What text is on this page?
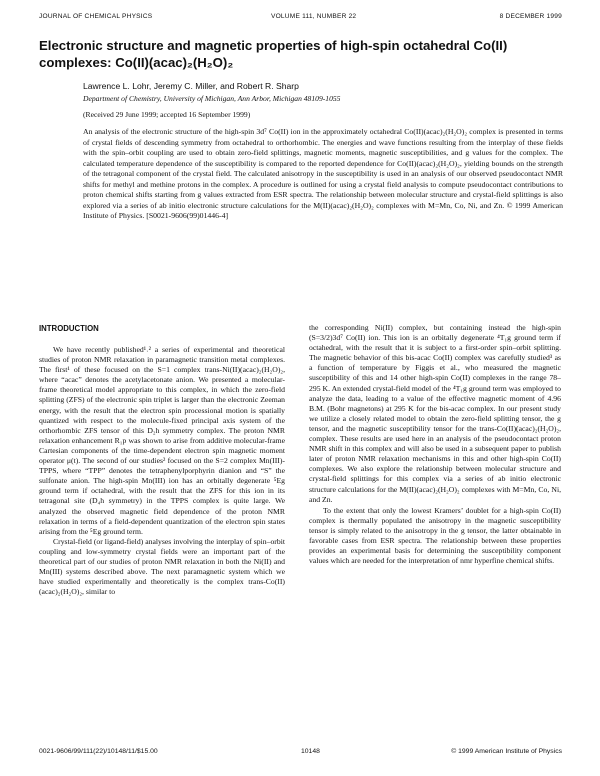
JOURNAL OF CHEMICAL PHYSICS	VOLUME 111, NUMBER 22	8 DECEMBER 1999
Electronic structure and magnetic properties of high-spin octahedral Co(II) complexes: Co(II)(acac)₂(H₂O)₂
Lawrence L. Lohr, Jeremy C. Miller, and Robert R. Sharp
Department of Chemistry, University of Michigan, Ann Arbor, Michigan 48109-1055
(Received 29 June 1999; accepted 16 September 1999)
An analysis of the electronic structure of the high-spin 3d⁷ Co(II) ion in the approximately octahedral Co(II)(acac)₂(H₂O)₂ complex is presented in terms of crystal fields of descending symmetry from octahedral to orthorhombic. The energies and wave functions resulting from the interplay of these fields with the spin–orbit coupling are used to obtain zero-field splittings, magnetic moments, magnetic susceptibilities, and g values for the complex. The calculated temperature dependence of the susceptibility is compared to the reported dependence for Co(II)(acac)₂(H₂O)₂, yielding bounds on the strength of the tetragonal component of the crystal field. The calculated anisotropy in the susceptibility is used in an analysis of our observed pseudocontact NMR shifts for methyl and methine protons in the complex. A procedure is outlined for using a crystal field analysis to compute pseudocontact contributions to proton chemical shifts starting from g values extracted from ESR spectra. The relationship between molecular structure and crystal-field splittings is also explored via a series of ab initio electronic structure calculations for the M(II)(acac)₂(H₂O)₂ complexes with M=Mn, Co, Ni, and Zn. © 1999 American Institute of Physics. [S0021-9606(99)01446-4]
INTRODUCTION

We have recently published¹˒² a series of experimental and theoretical studies of proton NMR relaxation in paramagnetic transition metal complexes. The first¹ of these focused on the S=1 complex trans-Ni(II)(acac)₂(H₂O)₂, where “acac” denotes the acetylacetonate anion. We presented a molecular-frame theoretical model appropriate to this complex, in which the zero-field splitting (ZFS) of the electronic spin triplet is larger than the electronic Zeeman energy, with the result that the electron spin processional motion is spatially quantized with respect to the molecule-fixed principal axis system of the orthorhombic ZFS tensor of this D₂h symmetry complex. The proton NMR relaxation enhancement R₁p was shown to arise from additive molecular-frame Cartesian components of the time-dependent electron spin magnetic moment operator μ(t). The second of our studies² focused on the S=2 complex Mn(III)-TPPS, where “TPP” denotes the tetraphenylporphyrin dianion and “S” the sulfonate anion. The high-spin Mn(III) ion has an orbitally degenerate ⁵Eg ground term if octahedral, with the result that the ZFS for this ion in its tetragonal site (D₄h symmetry) in the TPPS complex is quite large. We analyzed the observed magnetic field dependence of the proton NMR relaxation in terms of a field-dependent quantization of the electron spin states arising from the ⁵Eg ground term.

Crystal-field (or ligand-field) analyses involving the interplay of spin–orbit coupling and low-symmetry crystal fields were an important part of the theoretical part of our studies of proton NMR relaxation in both the Ni(II) and Mn(III) systems described above. The next paramagnetic system which we have studied experimentally and theoretically is the complex trans-Co(II)(acac)₂(H₂O)₂, similar to

the corresponding Ni(II) complex, but containing instead the high-spin (S=3/2)3d⁷ Co(II) ion. This ion is an orbitally degenerate ⁴T₁g ground term if octahedral, with the result that it is subject to a first-order spin–orbit splitting. The magnetic behavior of this bis-acac Co(II) complex was carefully studied³ as a function of temperature by Figgis et al., who measured the magnetic susceptibility of this and 14 other high-spin Co(II) complexes in the range 78–295 K. An extended crystal-field model of the ⁴T₁g ground term was employed to analyze the data, leading to a value of the effective magnetic moment of 4.96 B.M. (Bohr magnetons) at 295 K for the bis-acac complex. In our present study we utilize a closely related model to obtain the zero-field splitting tensor, the g tensor, and the magnetic susceptibility tensor for the trans-Co(II)(acac)₂(H₂O)₂, complex. These results are used here in an analysis of the pseudocontact proton NMR shift in this complex and will also be used in a subsequent paper to publish later of proton NMR relaxation mechanisms in this and other high-spin Co(II) complexes. We also explore the relationship between molecular structure and crystal-field splittings for this complex via a series of ab initio electronic structure calculations for the M(II)(acac)₂(H₂O)₂ complexes with M=Mn, Co, Ni, and Zn.

To the extent that only the lowest Kramers’ doublet for a high-spin Co(II) complex is thermally populated the anisotropy in the magnetic susceptibility tensor is simply related to the anisotropy in the g tensor, the latter obtainable in favorable cases from ESR spectra. The relationship between these properties provides an experimental basis for determining the susceptibility component values which are needed for the interpretation of nmr hyperfine chemical shifts.

0021-9606/99/111(22)/10148/11/$15.00	10148	© 1999 American Institute of Physics
